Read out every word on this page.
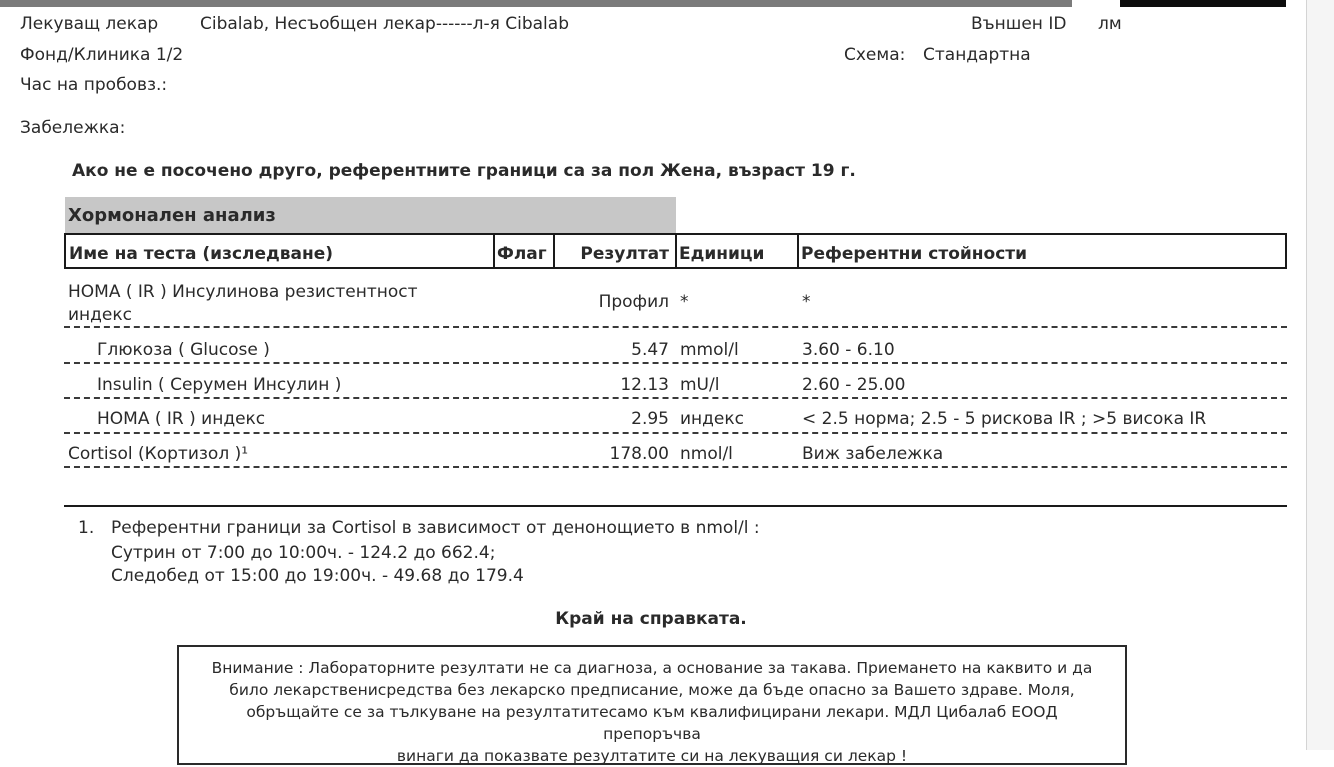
Лекуващ лекар Cibalab, Несъобщен лекар------л-я Cibalab	Външен ID лм
Фонд/Клиника 1/2	Схема: Стандартна
Час на пробовз.:
Забележка:
Ако не е посочено друго, референтните граници са за пол Жена, възраст 19 г.
Хормонален анализ
Име на теста (изследване)	Флаг	Резултат Единици Референтни стойности
HOMA ( IR ) Инсулинова резистентност
индекс
Профил *	*
Глюкоза ( Glucose )	5.47 mmol/l	3.60 - 6.10
Insulin ( Серумен Инсулин )	12.13 mU/l	2.60 - 25.00
HOMA ( IR ) индекс	2.95 индекс	< 2.5 норма; 2.5 - 5 рискова IR ; >5 висока IR
Cortisol (Кортизол )¹	178.00 nmol/l	Виж забележка
1. Референтни граници за Cortisol в зависимост от денонощието в nmol/l :
Сутрин от 7:00 до 10:00ч. - 124.2 до 662.4;
Следобед от 15:00 до 19:00ч. - 49.68 до 179.4
Край на справката.
Внимание : Лабораторните резултати не са диагноза, а основание за такава. Приемането на каквито и да
било лекарственисредства без лекарско предписание, може да бъде опасно за Вашето здраве. Моля,
обръщайте се за тълкуване на резултатитесамо към квалифицирани лекари. МДЛ Цибалаб ЕООД препоръчва
винаги да показвате резултатите си на лекуващия си лекар !
